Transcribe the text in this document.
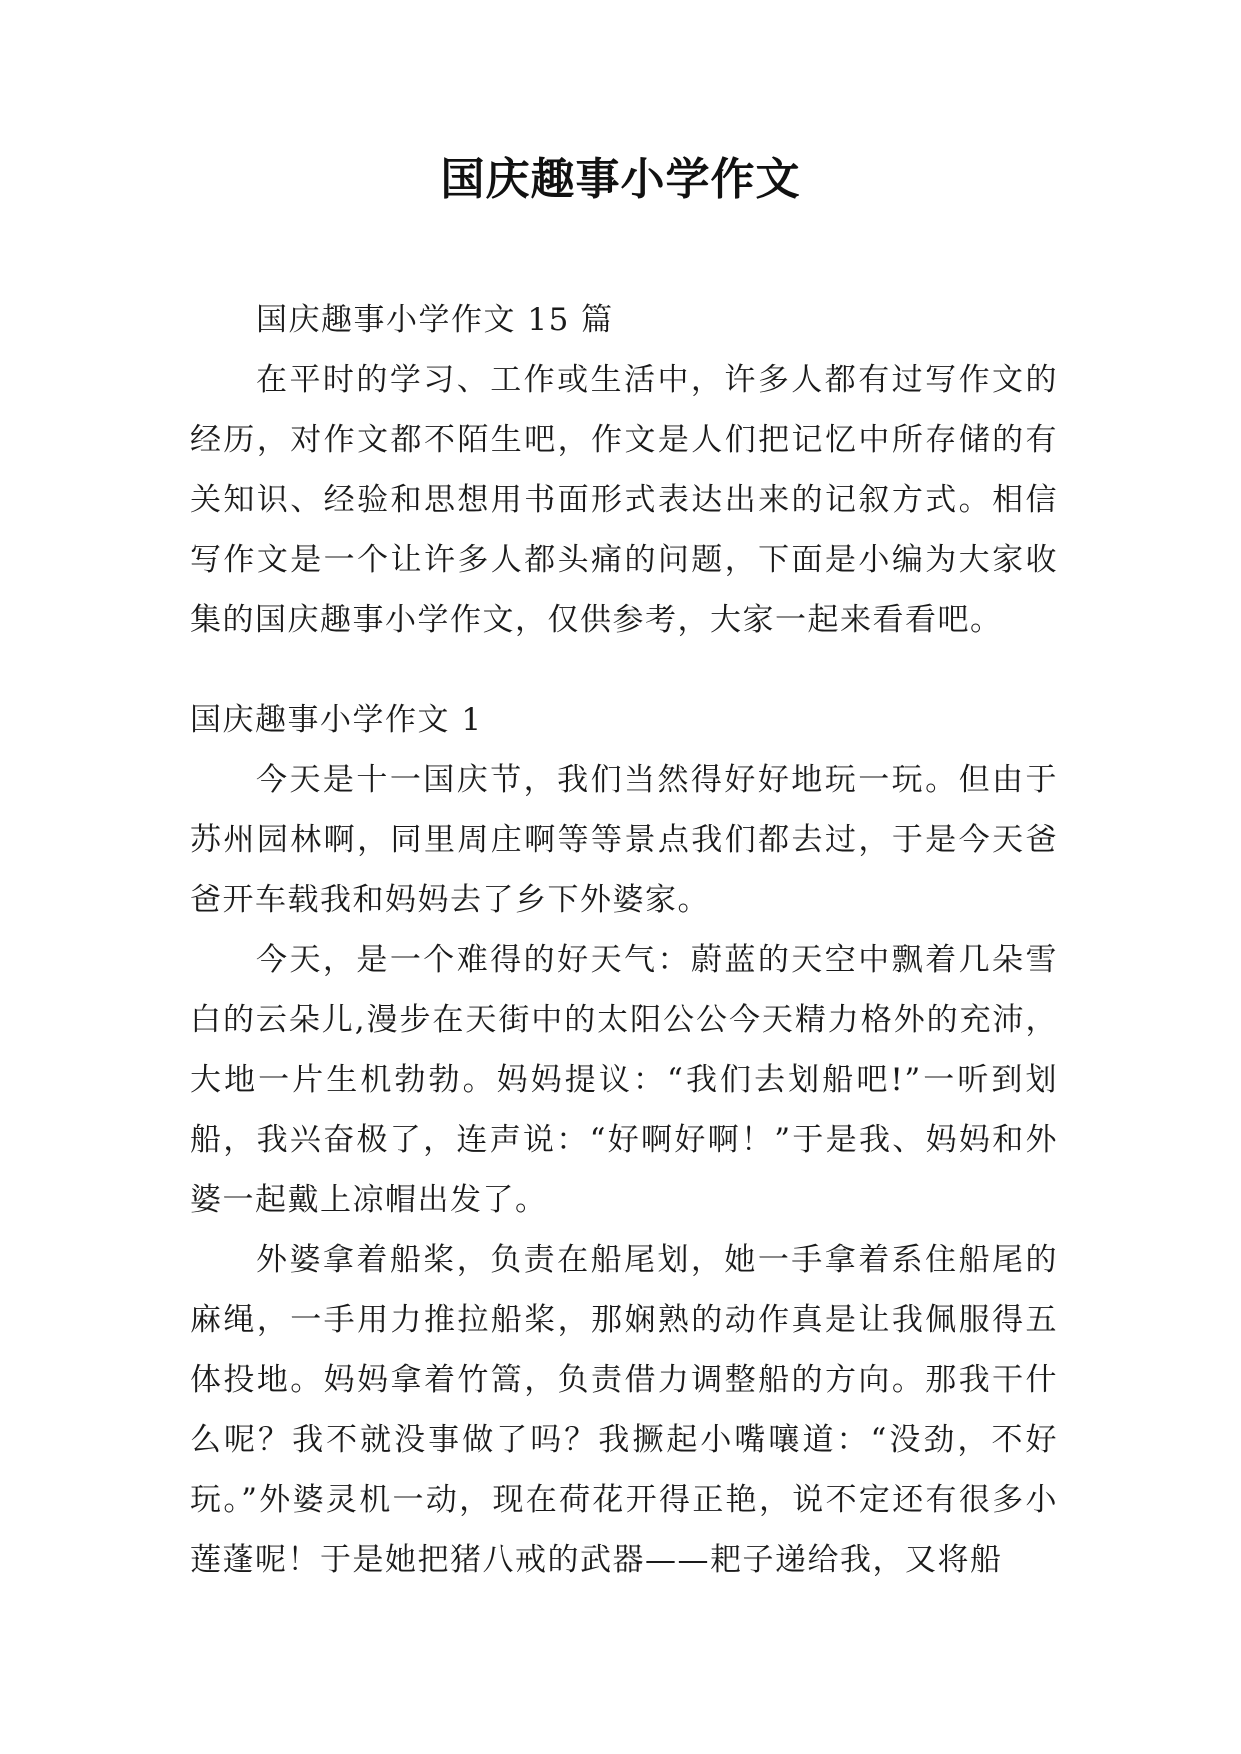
国庆趣事小学作文

国庆趣事小学作文 15 篇

在平时的学习、工作或生活中，许多人都有过写作文的经历，对作文都不陌生吧，作文是人们把记忆中所存储的有关知识、经验和思想用书面形式表达出来的记叙方式。相信写作文是一个让许多人都头痛的问题，下面是小编为大家收集的国庆趣事小学作文，仅供参考，大家一起来看看吧。

国庆趣事小学作文 1

今天是十一国庆节，我们当然得好好地玩一玩。但由于苏州园林啊，同里周庄啊等等景点我们都去过，于是今天爸爸开车载我和妈妈去了乡下外婆家。

今天，是一个难得的好天气：蔚蓝的天空中飘着几朵雪白的云朵儿,漫步在天街中的太阳公公今天精力格外的充沛，大地一片生机勃勃。妈妈提议：“我们去划船吧!”一听到划船，我兴奋极了，连声说：“好啊好啊！”于是我、妈妈和外婆一起戴上凉帽出发了。

外婆拿着船桨，负责在船尾划，她一手拿着系住船尾的麻绳，一手用力推拉船桨，那娴熟的动作真是让我佩服得五体投地。妈妈拿着竹篙，负责借力调整船的方向。那我干什么呢？我不就没事做了吗？我撅起小嘴嚷道：“没劲，不好玩。”外婆灵机一动，现在荷花开得正艳，说不定还有很多小莲蓬呢！于是她把猪八戒的武器——耙子递给我，又将船
